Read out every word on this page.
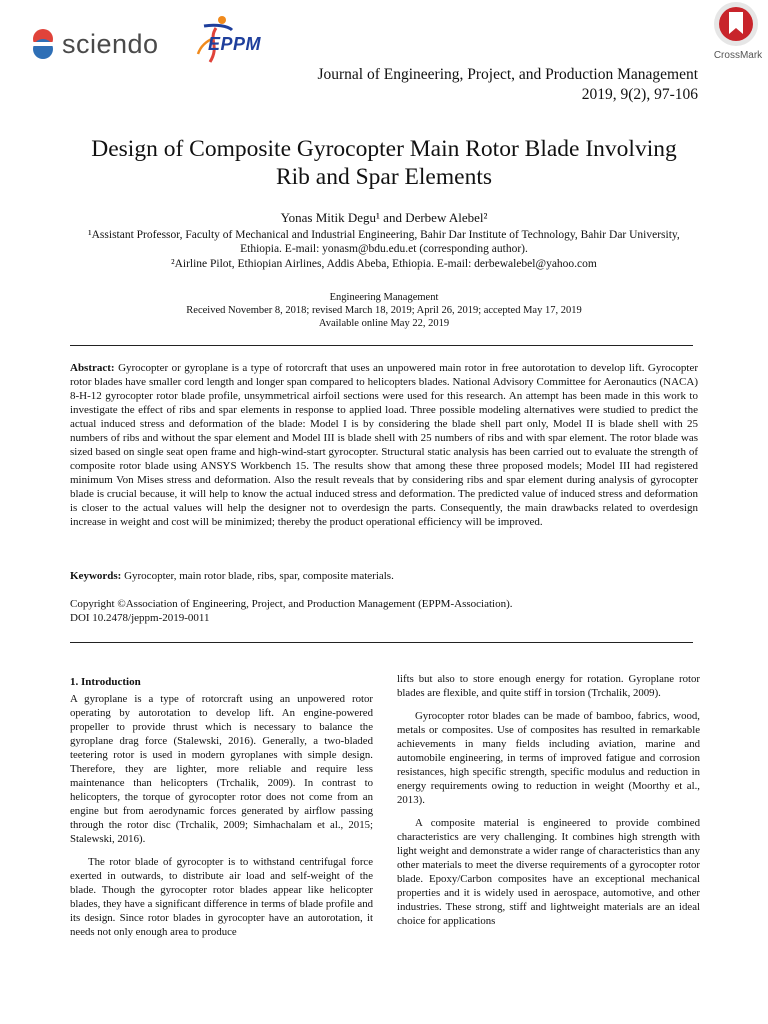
sciendo	EPPM
CrossMark
Journal of Engineering, Project, and Production Management
2019, 9(2), 97-106
Design of Composite Gyrocopter Main Rotor Blade Involving Rib and Spar Elements
Yonas Mitik Degu¹ and Derbew Alebel²
¹Assistant Professor, Faculty of Mechanical and Industrial Engineering, Bahir Dar Institute of Technology, Bahir Dar University, Ethiopia. E-mail: yonasm@bdu.edu.et (corresponding author).
²Airline Pilot, Ethiopian Airlines, Addis Abeba, Ethiopia. E-mail: derbewalebel@yahoo.com
Engineering Management
Received November 8, 2018; revised March 18, 2019; April 26, 2019; accepted May 17, 2019
Available online May 22, 2019
Abstract: Gyrocopter or gyroplane is a type of rotorcraft that uses an unpowered main rotor in free autorotation to develop lift. Gyrocopter rotor blades have smaller cord length and longer span compared to helicopters blades. National Advisory Committee for Aeronautics (NACA) 8-H-12 gyrocopter rotor blade profile, unsymmetrical airfoil sections were used for this research. An attempt has been made in this work to investigate the effect of ribs and spar elements in response to applied load. Three possible modeling alternatives were studied to predict the actual induced stress and deformation of the blade: Model I is by considering the blade shell part only, Model II is blade shell with 25 numbers of ribs and without the spar element and Model III is blade shell with 25 numbers of ribs and with spar element. The rotor blade was sized based on single seat open frame and high-wind-start gyrocopter. Structural static analysis has been carried out to evaluate the strength of composite rotor blade using ANSYS Workbench 15. The results show that among these three proposed models; Model III had registered minimum Von Mises stress and deformation. Also the result reveals that by considering ribs and spar element during analysis of gyrocopter blade is crucial because, it will help to know the actual induced stress and deformation. The predicted value of induced stress and deformation is closer to the actual values will help the designer not to overdesign the parts. Consequently, the main drawbacks related to overdesign increase in weight and cost will be minimized; thereby the product operational efficiency will be improved.
Keywords: Gyrocopter, main rotor blade, ribs, spar, composite materials.
Copyright ©Association of Engineering, Project, and Production Management (EPPM-Association).
DOI 10.2478/jeppm-2019-0011
1. Introduction

A gyroplane is a type of rotorcraft using an unpowered rotor operating by autorotation to develop lift. An engine-powered propeller to provide thrust which is necessary to balance the gyroplane drag force (Stalewski, 2016). Generally, a two-bladed teetering rotor is used in modern gyroplanes with simple design. Therefore, they are lighter, more reliable and require less maintenance than helicopters (Trchalik, 2009). In contrast to helicopters, the torque of gyrocopter rotor does not come from an engine but from aerodynamic forces generated by airflow passing through the rotor disc (Trchalik, 2009; Simhachalam et al., 2015; Stalewski, 2016).

The rotor blade of gyrocopter is to withstand centrifugal force exerted in outwards, to distribute air load and self-weight of the blade. Though the gyrocopter rotor blades appear like helicopter blades, they have a significant difference in terms of blade profile and its design. Since rotor blades in gyrocopter have an autorotation, it needs not only enough area to produce

lifts but also to store enough energy for rotation. Gyroplane rotor blades are flexible, and quite stiff in torsion (Trchalik, 2009).

Gyrocopter rotor blades can be made of bamboo, fabrics, wood, metals or composites. Use of composites has resulted in remarkable achievements in many fields including aviation, marine and automobile engineering, in terms of improved fatigue and corrosion resistances, high specific strength, specific modulus and reduction in energy requirements owing to reduction in weight (Moorthy et al., 2013).

A composite material is engineered to provide combined characteristics are very challenging. It combines high strength with light weight and demonstrate a wider range of characteristics than any other materials to meet the diverse requirements of a gyrocopter rotor blade. Epoxy/Carbon composites have an exceptional mechanical properties and it is widely used in aerospace, automotive, and other industries. These strong, stiff and lightweight materials are an ideal choice for applications
